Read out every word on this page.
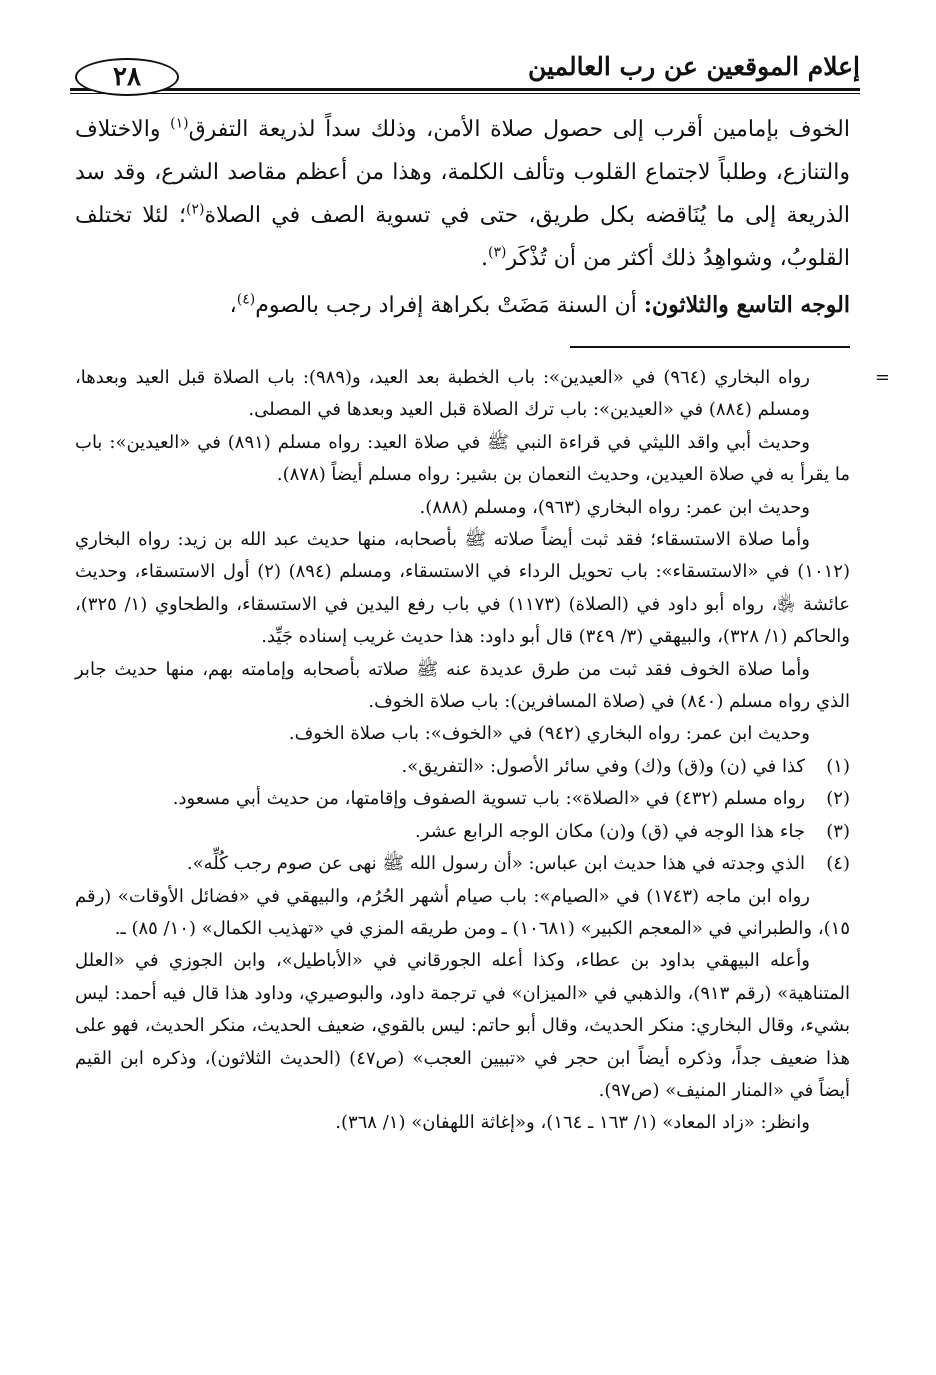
إعلام الموقعين عن رب العالمين
٢٨

الخوف بإمامين أقرب إلى حصول صلاة الأمن، وذلك سداً لذريعة التفرق$^{(١)}$ والاختلاف والتنازع، وطلباً لاجتماع القلوب وتألف الكلمة، وهذا من أعظم مقاصد الشرع، وقد سد الذريعة إلى ما يُنَاقضه بكل طريق، حتى في تسوية الصف في الصلاة$^{(٢)}$؛ لئلا تختلف القلوبُ، وشواهِدُ ذلك أكثر من أن تُذْكَر$^{(٣)}$.

الوجه التاسع والثلاثون: أن السنة مَضَتْ بكراهة إفراد رجب بالصوم$^{(٤)}$،

=
رواه البخاري (٩٦٤) في «العيدين»: باب الخطبة بعد العيد، و(٩٨٩): باب الصلاة قبل العيد وبعدها، ومسلم (٨٨٤) في «العيدين»: باب ترك الصلاة قبل العيد وبعدها في المصلى.

وحديث أبي واقد الليثي في قراءة النبي ﷺ في صلاة العيد: رواه مسلم (٨٩١) في «العيدين»: باب ما يقرأ به في صلاة العيدين، وحديث النعمان بن بشير: رواه مسلم أيضاً (٨٧٨).

وحديث ابن عمر: رواه البخاري (٩٦٣)، ومسلم (٨٨٨).

وأما صلاة الاستسقاء؛ فقد ثبت أيضاً صلاته ﷺ بأصحابه، منها حديث عبد الله بن زيد: رواه البخاري (١٠١٢) في «الاستسقاء»: باب تحويل الرداء في الاستسقاء، ومسلم (٨٩٤) (٢) أول الاستسقاء، وحديث عائشة ﵂، رواه أبو داود في (الصلاة) (١١٧٣) في باب رفع اليدين في الاستسقاء، والطحاوي (١/ ٣٢٥)، والحاكم (١/ ٣٢٨)، والبيهقي (٣/ ٣٤٩) قال أبو داود: هذا حديث غريب إسناده جَيِّد.

وأما صلاة الخوف فقد ثبت من طرق عديدة عنه ﷺ صلاته بأصحابه وإمامته بهم، منها حديث جابر الذي رواه مسلم (٨٤٠) في (صلاة المسافرين): باب صلاة الخوف.

وحديث ابن عمر: رواه البخاري (٩٤٢) في «الخوف»: باب صلاة الخوف.

(١)
كذا في (ن) و(ق) و(ك) وفي سائر الأصول: «التفريق».
(٢)
رواه مسلم (٤٣٢) في «الصلاة»: باب تسوية الصفوف وإقامتها، من حديث أبي مسعود.
(٣)
جاء هذا الوجه في (ق) و(ن) مكان الوجه الرابع عشر.
(٤)
الذي وجدته في هذا حديث ابن عباس: «أن رسول الله ﷺ نهى عن صوم رجب كُلِّه».

رواه ابن ماجه (١٧٤٣) في «الصيام»: باب صيام أشهر الحُرُم، والبيهقي في «فضائل الأوقات» (رقم ١٥)، والطبراني في «المعجم الكبير» (١٠٦٨١) ـ ومن طريقه المزي في «تهذيب الكمال» (١٠/ ٨٥) ـ.

وأعله البيهقي بداود بن عطاء، وكذا أعله الجورقاني في «الأباطيل»، وابن الجوزي في «العلل المتناهية» (رقم ٩١٣)، والذهبي في «الميزان» في ترجمة داود، والبوصيري، وداود هذا قال فيه أحمد: ليس بشيء، وقال البخاري: منكر الحديث، وقال أبو حاتم: ليس بالقوي، ضعيف الحديث، منكر الحديث، فهو على هذا ضعيف جداً، وذكره أيضاً ابن حجر في «تبيين العجب» (ص٤٧) (الحديث الثلاثون)، وذكره ابن القيم أيضاً في «المنار المنيف» (ص٩٧).

وانظر: «زاد المعاد» (١/ ١٦٣ ـ ١٦٤)، و«إغاثة اللهفان» (١/ ٣٦٨).
